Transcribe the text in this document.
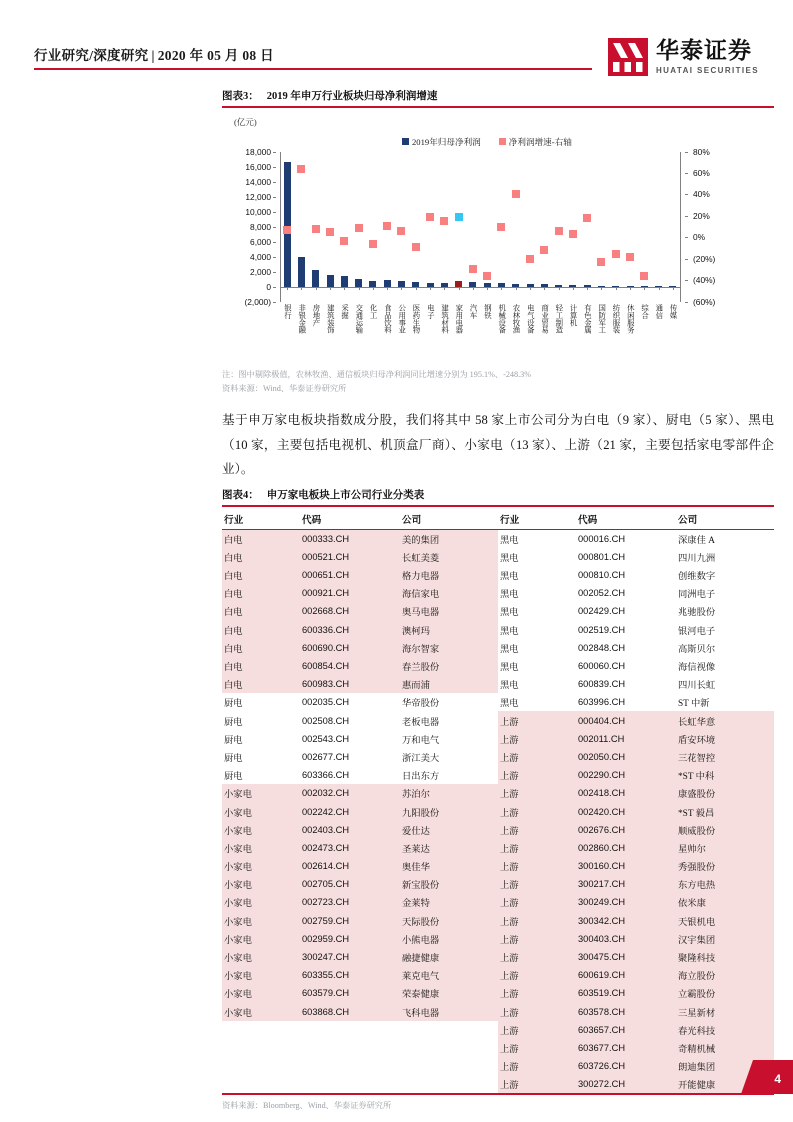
行业研究/深度研究 | 2020 年 05 月 08 日	华泰证券
HUATAI SECURITIES
图表3： 2019 年申万行业板块归母净利润增速
(亿元)
2019年归母净利润	净利润增速-右轴
18,000
16,000
14,000
12,000
10,000
8,000
6,000
4,000
2,000
0
(2,000)
80%
60%
40%
20%
0%
(20%)
(40%)
(60%)
银行 非银金融 房地产 建筑装饰 采掘 交通运输 化工 食品饮料 公用事业 医药生物 电子 建筑材料 家用电器 汽车 钢铁 机械设备 农林牧渔 电气设备 商业贸易 轻工制造 计算机 有色金属 国防军工 纺织服装 休闲服务 综合 通信 传媒
注：图中剔除极值，农林牧渔、通信板块归母净利润同比增速分别为 195.1%、-248.3%
资料来源：Wind、华泰证券研究所
基于申万家电板块指数成分股，我们将其中 58 家上市公司分为白电（9 家）、厨电（5 家）、黑电（10 家，主要包括电视机、机顶盒厂商）、小家电（13 家）、上游（21 家，主要包括家电零部件企业）。
图表4： 申万家电板块上市公司行业分类表
行业	代码	公司	行业	代码	公司
白电	000333.CH	美的集团	黑电	000016.CH	深康佳 A
白电	000521.CH	长虹美菱	黑电	000801.CH	四川九洲
白电	000651.CH	格力电器	黑电	000810.CH	创维数字
白电	000921.CH	海信家电	黑电	002052.CH	同洲电子
白电	002668.CH	奥马电器	黑电	002429.CH	兆驰股份
白电	600336.CH	澳柯玛	黑电	002519.CH	银河电子
白电	600690.CH	海尔智家	黑电	002848.CH	高斯贝尔
白电	600854.CH	春兰股份	黑电	600060.CH	海信视像
白电	600983.CH	惠而浦	黑电	600839.CH	四川长虹
厨电	002035.CH	华帝股份	黑电	603996.CH	ST 中新
厨电	002508.CH	老板电器	上游	000404.CH	长虹华意
厨电	002543.CH	万和电气	上游	002011.CH	盾安环境
厨电	002677.CH	浙江美大	上游	002050.CH	三花智控
厨电	603366.CH	日出东方	上游	002290.CH	*ST 中科
小家电	002032.CH	苏泊尔	上游	002418.CH	康盛股份
小家电	002242.CH	九阳股份	上游	002420.CH	*ST 毅昌
小家电	002403.CH	爱仕达	上游	002676.CH	顺威股份
小家电	002473.CH	圣莱达	上游	002860.CH	星帅尔
小家电	002614.CH	奥佳华	上游	300160.CH	秀强股份
小家电	002705.CH	新宝股份	上游	300217.CH	东方电热
小家电	002723.CH	金莱特	上游	300249.CH	依米康
小家电	002759.CH	天际股份	上游	300342.CH	天银机电
小家电	002959.CH	小熊电器	上游	300403.CH	汉宇集团
小家电	300247.CH	融捷健康	上游	300475.CH	聚隆科技
小家电	603355.CH	莱克电气	上游	600619.CH	海立股份
小家电	603579.CH	荣泰健康	上游	603519.CH	立霸股份
小家电	603868.CH	飞科电器	上游	603578.CH	三星新材
			上游	603657.CH	春光科技
			上游	603677.CH	奇精机械
			上游	603726.CH	朗迪集团
			上游	300272.CH	开能健康
资料来源：Bloomberg、Wind、华泰证券研究所
4
